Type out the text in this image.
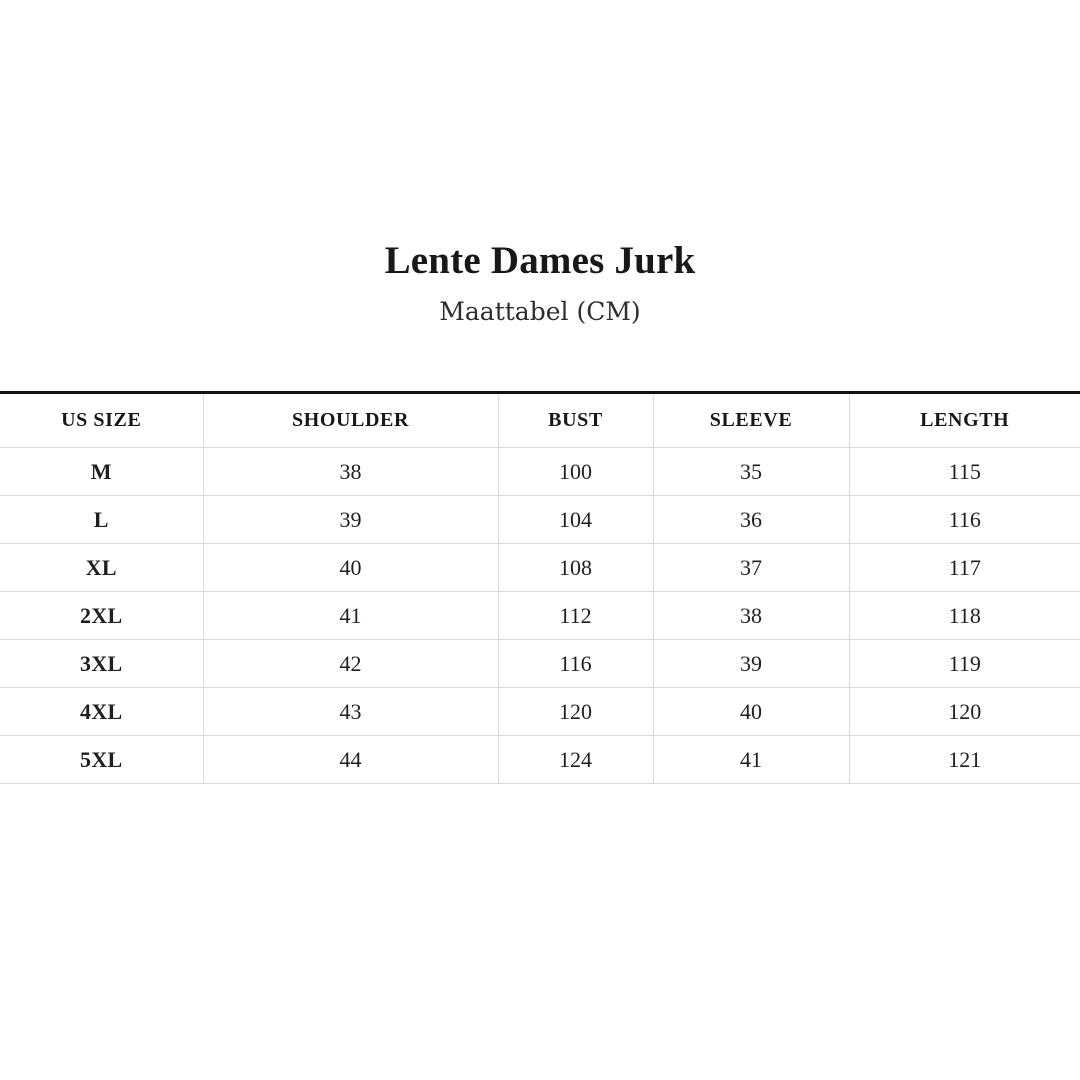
Lente Dames Jurk

Maattabel (CM)

US SIZE	SHOULDER	BUST	SLEEVE	LENGTH
M	38	100	35	115
L	39	104	36	116
XL	40	108	37	117
2XL	41	112	38	118
3XL	42	116	39	119
4XL	43	120	40	120
5XL	44	124	41	121
